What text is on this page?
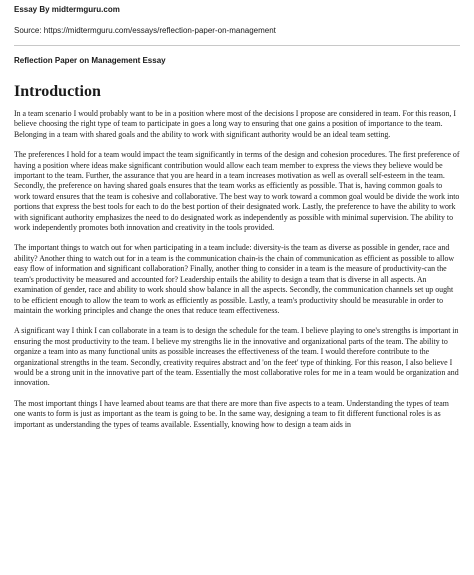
Essay By midtermguru.com

Source: https://midtermguru.com/essays/reflection-paper-on-management

Reflection Paper on Management Essay

Introduction

In a team scenario I would probably want to be in a position where most of the decisions I propose are considered in team. For this reason, I believe choosing the right type of team to participate in goes a long way to ensuring that one gains a position of importance to the team. Belonging in a team with shared goals and the ability to work with significant authority would be an ideal team setting.

The preferences I hold for a team would impact the team significantly in terms of the design and cohesion procedures. The first preference of having a position where ideas make significant contribution would allow each team member to express the views they believe would be important to the team. Further, the assurance that you are heard in a team increases motivation as well as overall self-esteem in the team. Secondly, the preference on having shared goals ensures that the team works as efficiently as possible. That is, having common goals to work toward ensures that the team is cohesive and collaborative. The best way to work toward a common goal would be divide the work into portions that express the best tools for each to do the best portion of their designated work. Lastly, the preference to have the ability to work with significant authority emphasizes the need to do designated work as independently as possible with minimal supervision. The ability to work independently promotes both innovation and creativity in the tools provided.

The important things to watch out for when participating in a team include: diversity-is the team as diverse as possible in gender, race and ability? Another thing to watch out for in a team is the communication chain-is the chain of communication as efficient as possible to allow easy flow of information and significant collaboration? Finally, another thing to consider in a team is the measure of productivity-can the team's productivity be measured and accounted for? Leadership entails the ability to design a team that is diverse in all aspects. An examination of gender, race and ability to work should show balance in all the aspects. Secondly, the communication channels set up ought to be efficient enough to allow the team to work as efficiently as possible. Lastly, a team's productivity should be measurable in order to maintain the working principles and change the ones that reduce team effectiveness.

A significant way I think I can collaborate in a team is to design the schedule for the team. I believe playing to one's strengths is important in ensuring the most productivity to the team. I believe my strengths lie in the innovative and organizational parts of the team. The ability to organize a team into as many functional units as possible increases the effectiveness of the team. I would therefore contribute to the organizational strengths in the team. Secondly, creativity requires abstract and 'on the feet' type of thinking. For this reason, I also believe I would be a strong unit in the innovative part of the team. Essentially the most collaborative roles for me in a team would be organization and innovation.

The most important things I have learned about teams are that there are more than five aspects to a team. Understanding the types of team one wants to form is just as important as the team is going to be. In the same way, designing a team to fit different functional roles is as important as understanding the types of teams available. Essentially, knowing how to design a team aids in
